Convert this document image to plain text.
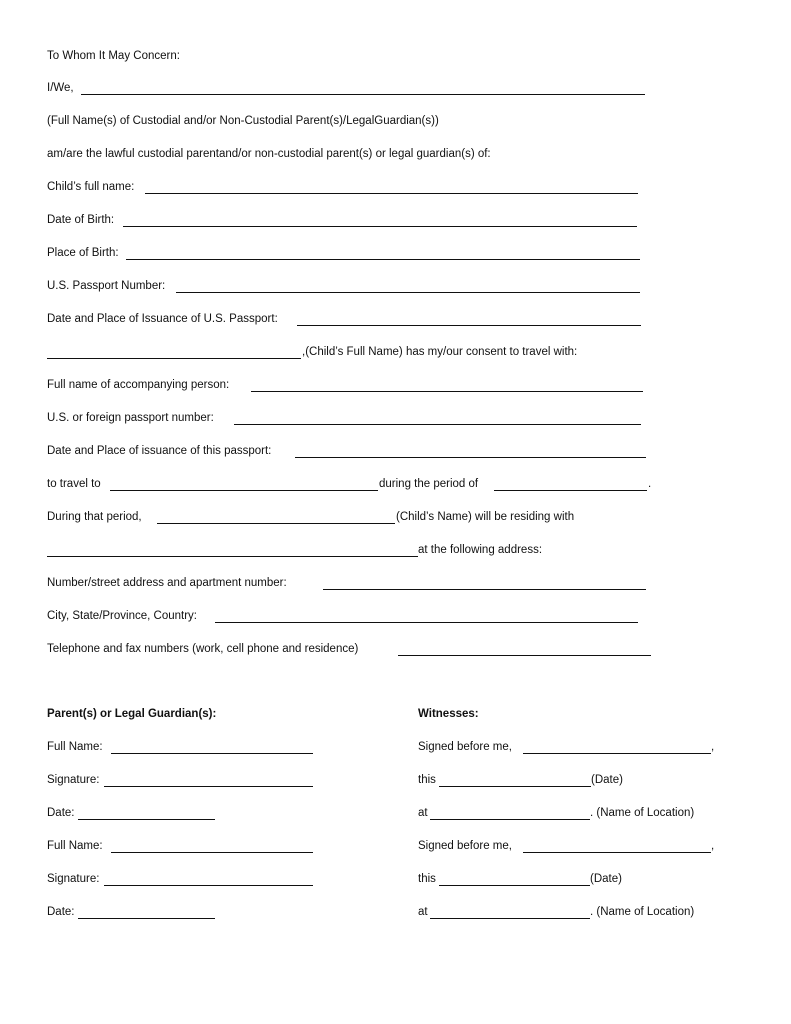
To Whom It May Concern:
I/We,
(Full Name(s) of Custodial and/or Non-Custodial Parent(s)/LegalGuardian(s))
am/are the lawful custodial parentand/or non-custodial parent(s) or legal guardian(s) of:
Child’s full name:
Date of Birth:
Place of Birth:
U.S. Passport Number:
Date and Place of Issuance of U.S. Passport:
,(Child’s Full Name) has my/our consent to travel with:
Full name of accompanying person:
U.S. or foreign passport number:
Date and Place of issuance of this passport:
to travel to	during the period of	.
During that period,	(Child’s Name) will be residing with
at the following address:
Number/street address and apartment number:
City, State/Province, Country:
Telephone and fax numbers (work, cell phone and residence)
Parent(s) or Legal Guardian(s):
Full Name:
Signature:
Date:
Full Name:
Signature:
Date:
Witnesses:
Signed before me,	,
this	(Date)
at	. (Name of Location)
Signed before me,	,
this	(Date)
at	. (Name of Location)
